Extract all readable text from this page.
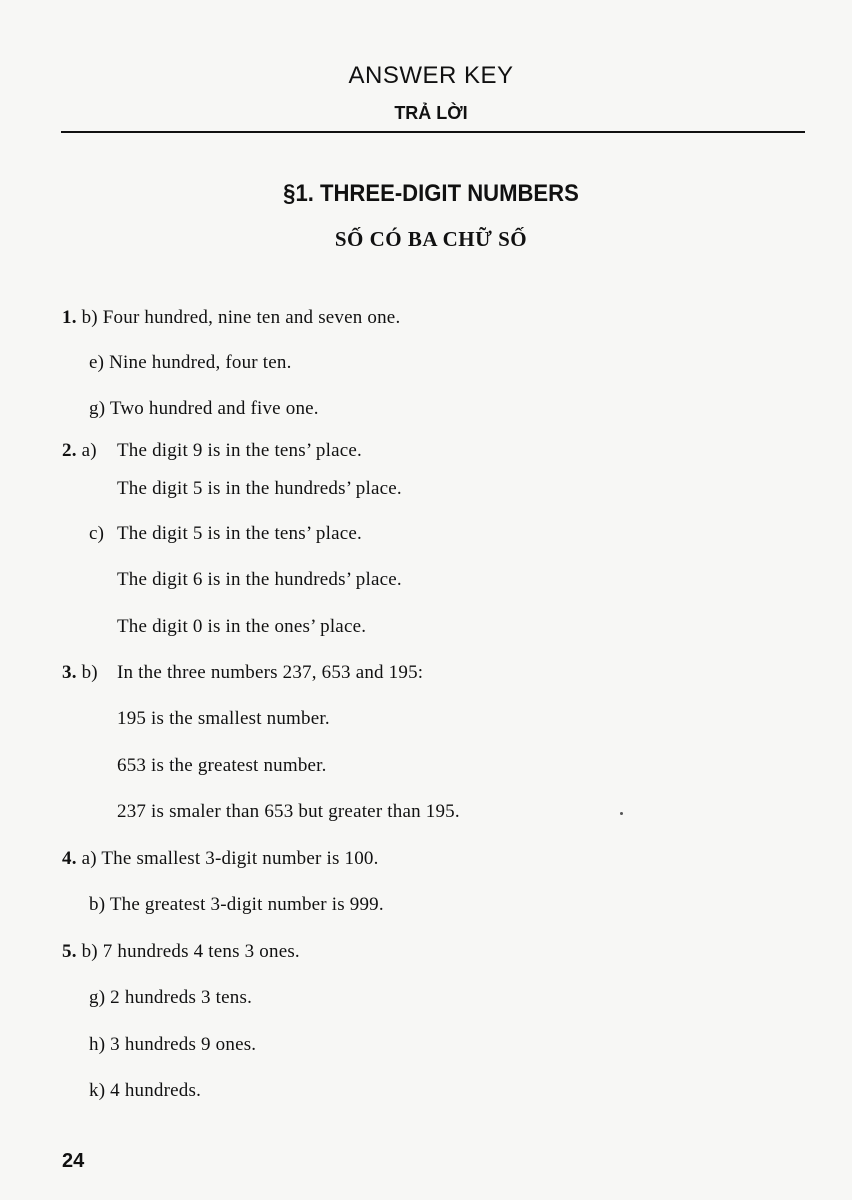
ANSWER KEY
TRẢ LỜI
§1. THREE-DIGIT NUMBERS
SỐ CÓ BA CHỮ SỐ
1. b) Four hundred, nine ten and seven one.
e) Nine hundred, four ten.
g) Two hundred and five one.
2. a) The digit 9 is in the tens’ place.
The digit 5 is in the hundreds’ place.
c) The digit 5 is in the tens’ place.
The digit 6 is in the hundreds’ place.
The digit 0 is in the ones’ place.
3. b) In the three numbers 237, 653 and 195:
195 is the smallest number.
653 is the greatest number.
237 is smaler than 653 but greater than 195.
4. a) The smallest 3-digit number is 100.
b) The greatest 3-digit number is 999.
5. b) 7 hundreds 4 tens 3 ones.
g) 2 hundreds 3 tens.
h) 3 hundreds 9 ones.
k) 4 hundreds.
24
